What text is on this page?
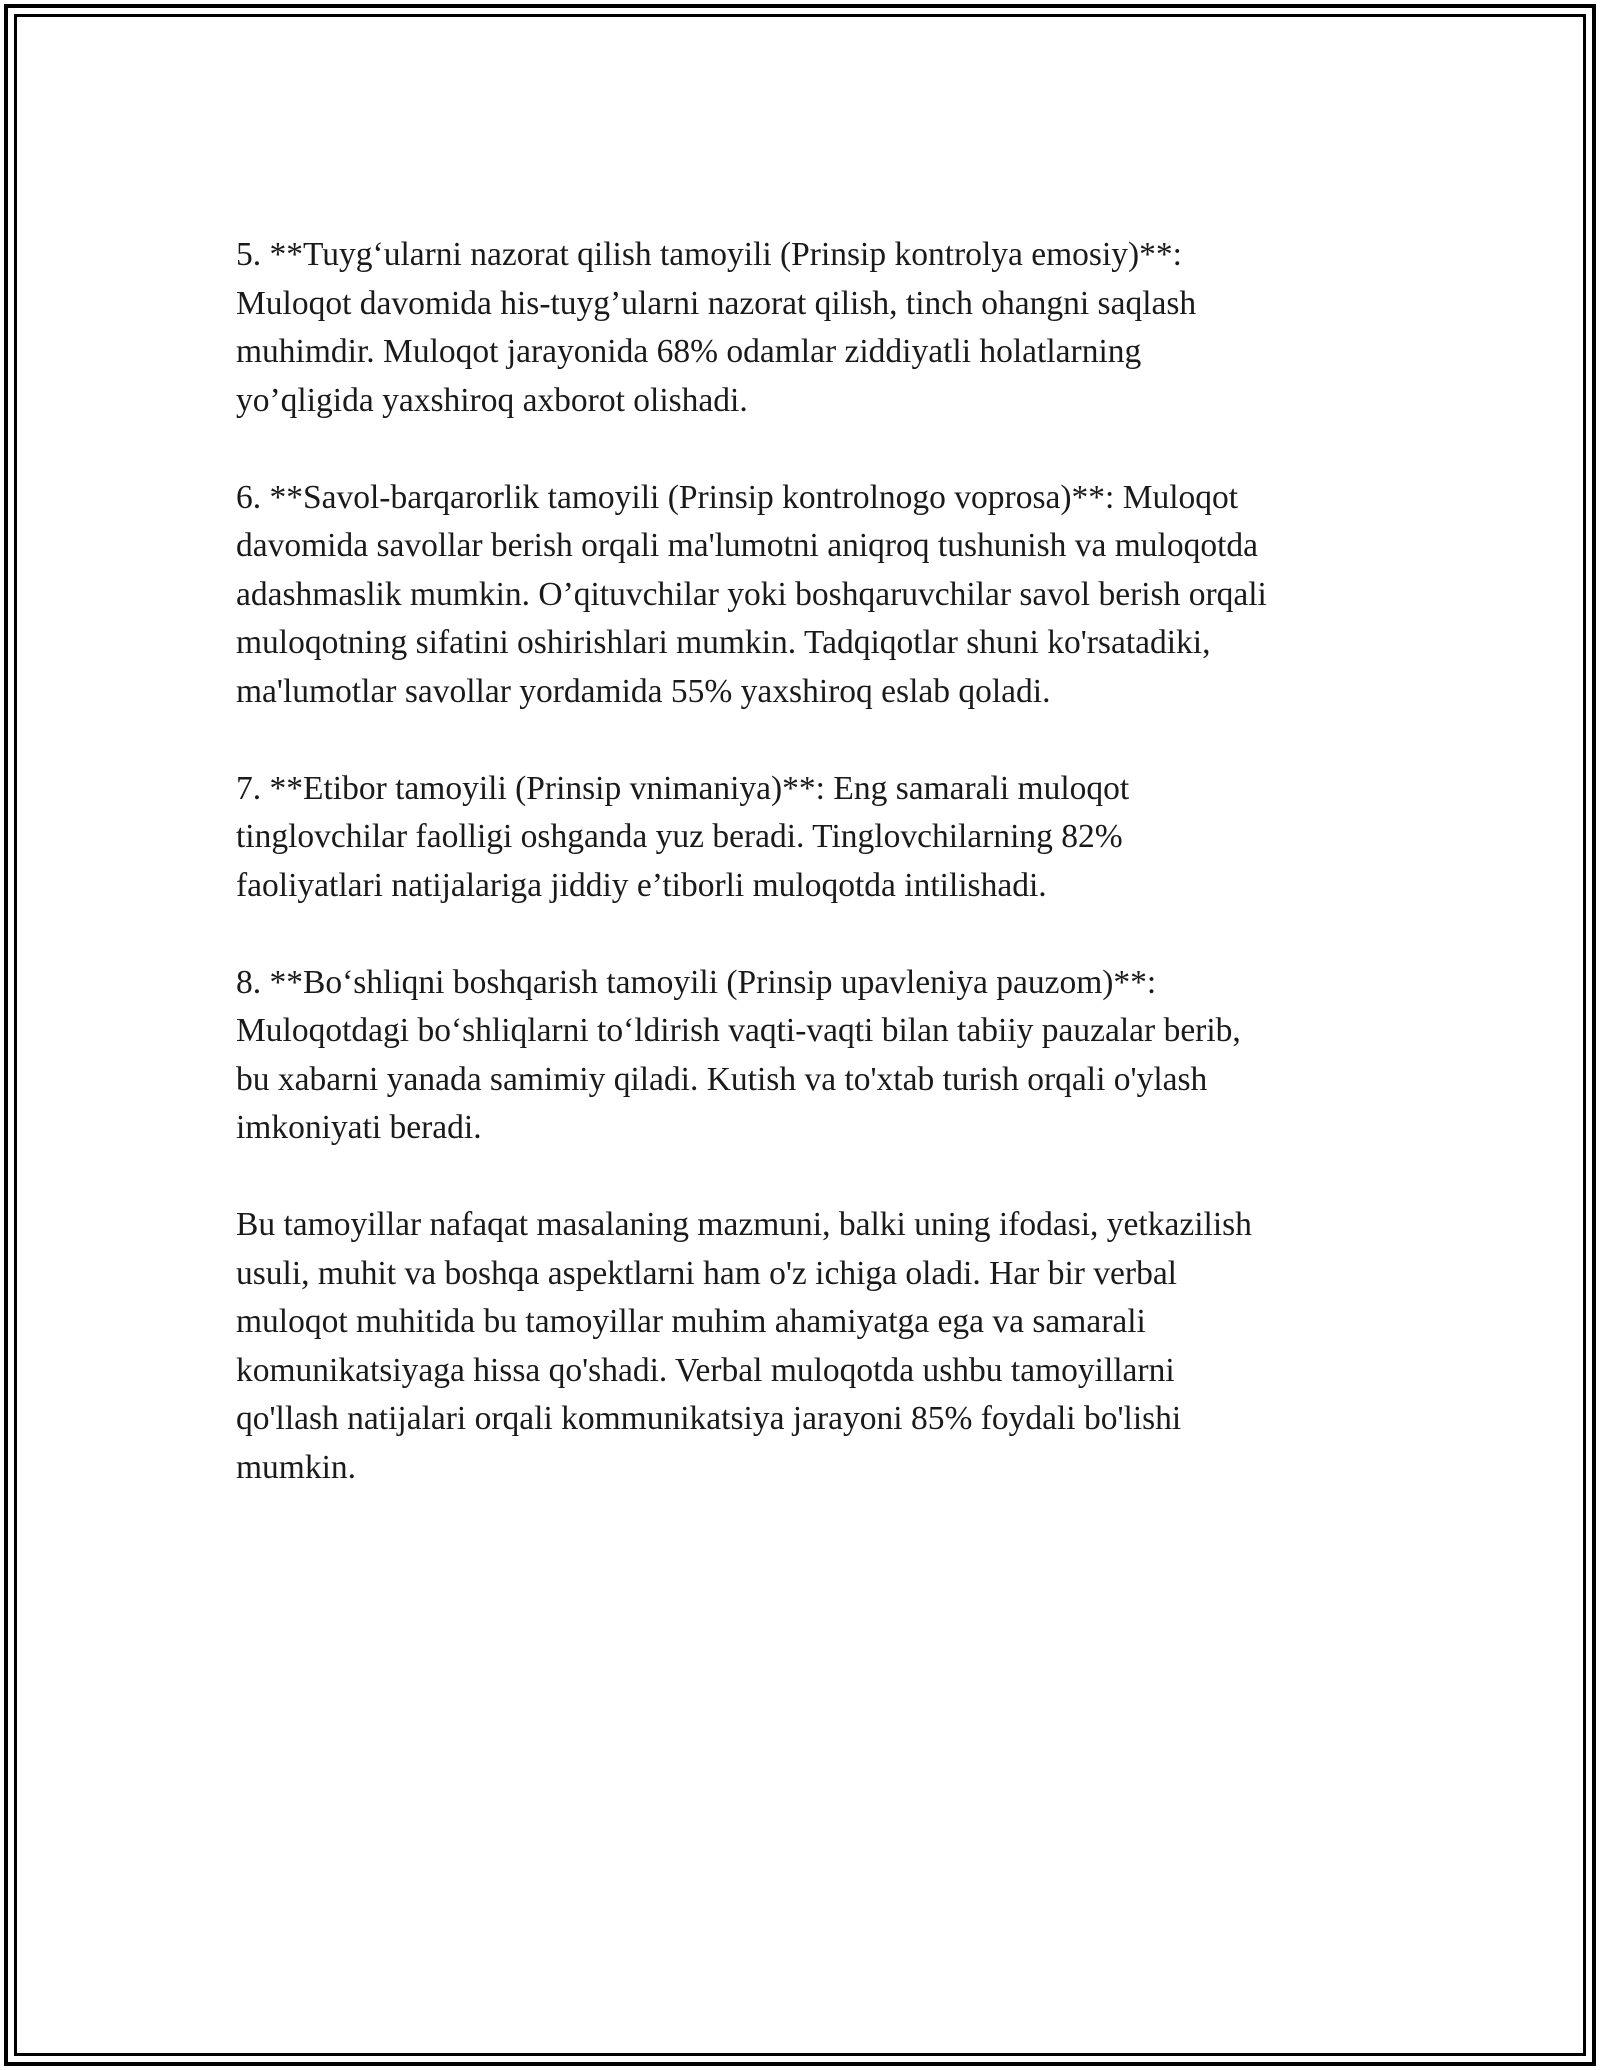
5. **Tuyg‘ularni nazorat qilish tamoyili (Prinsip kontrolya emosiy)**:
Muloqot davomida his-tuyg’ularni nazorat qilish, tinch ohangni saqlash
muhimdir. Muloqot jarayonida 68% odamlar ziddiyatli holatlarning
yo’qligida yaxshiroq axborot olishadi.

6. **Savol-barqarorlik tamoyili (Prinsip kontrolnogo voprosa)**: Muloqot
davomida savollar berish orqali ma'lumotni aniqroq tushunish va muloqotda
adashmaslik mumkin. O’qituvchilar yoki boshqaruvchilar savol berish orqali
muloqotning sifatini oshirishlari mumkin. Tadqiqotlar shuni ko'rsatadiki,
ma'lumotlar savollar yordamida 55% yaxshiroq eslab qoladi.

7. **Etibor tamoyili (Prinsip vnimaniya)**: Eng samarali muloqot
tinglovchilar faolligi oshganda yuz beradi. Tinglovchilarning 82%
faoliyatlari natijalariga jiddiy e’tiborli muloqotda intilishadi.

8. **Bo‘shliqni boshqarish tamoyili (Prinsip upavleniya pauzom)**:
Muloqotdagi bo‘shliqlarni to‘ldirish vaqti-vaqti bilan tabiiy pauzalar berib,
bu xabarni yanada samimiy qiladi. Kutish va to'xtab turish orqali o'ylash
imkoniyati beradi.

Bu tamoyillar nafaqat masalaning mazmuni, balki uning ifodasi, yetkazilish
usuli, muhit va boshqa aspektlarni ham o'z ichiga oladi. Har bir verbal
muloqot muhitida bu tamoyillar muhim ahamiyatga ega va samarali
komunikatsiyaga hissa qo'shadi. Verbal muloqotda ushbu tamoyillarni
qo'llash natijalari orqali kommunikatsiya jarayoni 85% foydali bo'lishi
mumkin.
